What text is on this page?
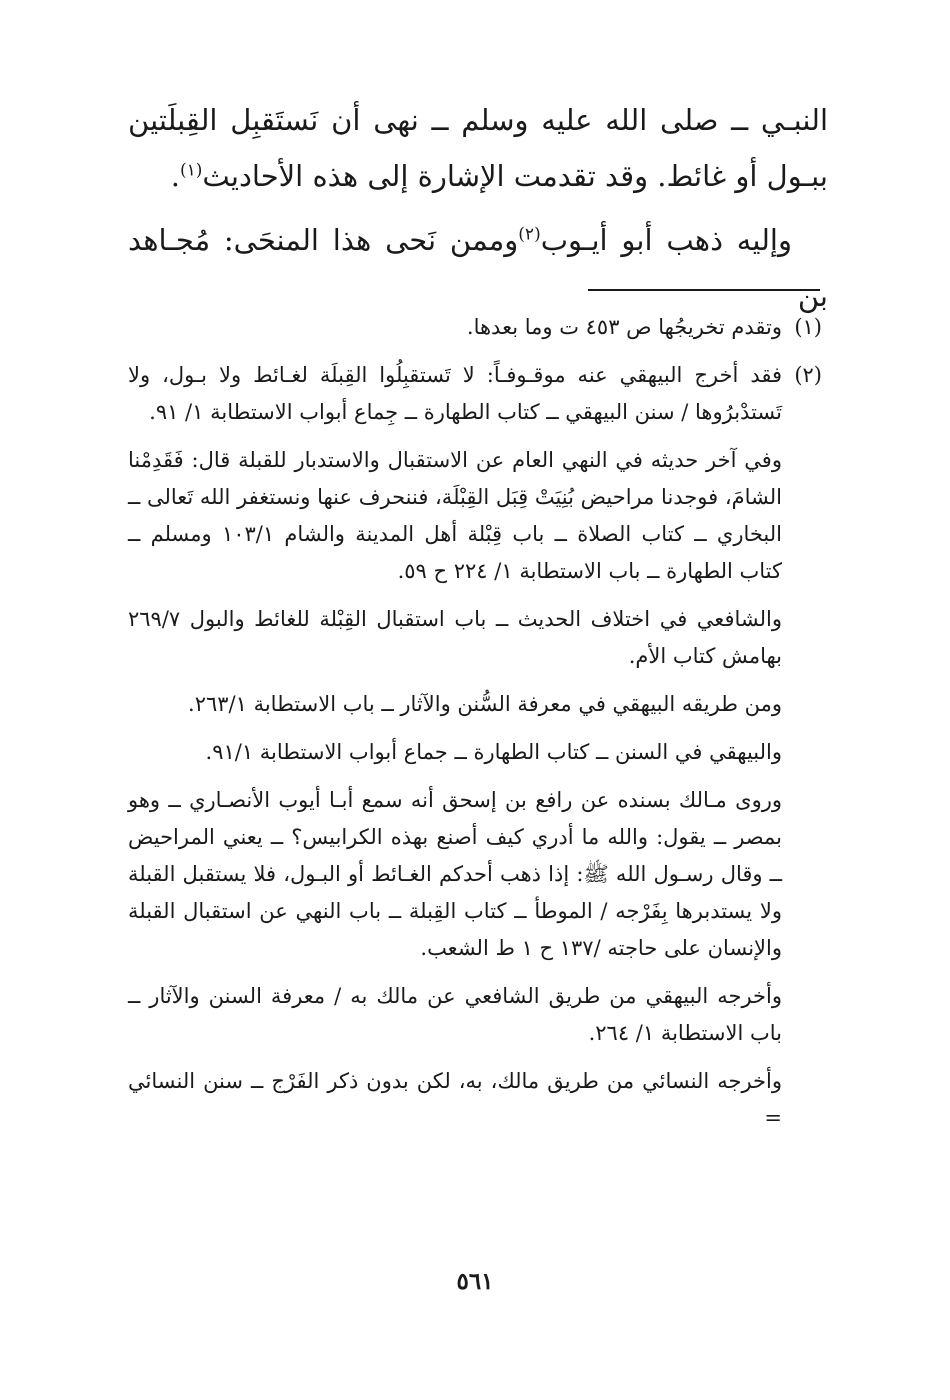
النبـي ــ صلى الله عليه وسلم ــ نهى أن نَستَقبِل القِبلَتين ببـول أو غائط. وقد تقدمت الإشارة إلى هذه الأحاديث$^{(١)}$.

وإليه ذهب أبو أيـوب$^{(٢)}$وممن نَحى هذا المنحَى: مُجـاهد بن

(١)
وتقدم تخريجُها ص ٤٥٣ ت وما بعدها.

(٢)
فقد أخرج البيهقي عنه موقـوفـاً: لا تَستقبِلُوا القِبلَة لغـائط ولا بـول، ولا تَستدْبرُوها / سنن البيهقي ــ كتاب الطهارة ــ جِماع أبواب الاستطابة ١/ ٩١.

وفي آخر حديثه في النهي العام عن الاستقبال والاستدبار للقبلة قال: فَقَدِمْنا الشامَ، فوجدنا مراحيض بُنِيَتْ قِبَل القِبْلَة، فننحرف عنها ونستغفر الله تَعالى ــ البخاري ــ كتاب الصلاة ــ باب قِبْلة أهل المدينة والشام ١٠٣/١ ومسلم ــ كتاب الطهارة ــ باب الاستطابة ١/ ٢٢٤ ح ٥٩.

والشافعي في اختلاف الحديث ــ باب استقبال القِبْلة للغائط والبول ٢٦٩/٧ بهامش كتاب الأم.

ومن طريقه البيهقي في معرفة السُّنن والآثار ــ باب الاستطابة ٢٦٣/١.

والبيهقي في السنن ــ كتاب الطهارة ــ جماع أبواب الاستطابة ٩١/١.

وروى مـالك بسنده عن رافع بن إسحق أنه سمع أبـا أيوب الأنصـاري ــ وهو بمصر ــ يقول: والله ما أدري كيف أصنع بهذه الكرابيس؟ ــ يعني المراحيض ــ وقال رسـول الله ﷺ: إذا ذهب أحدكم الغـائط أو البـول، فلا يستقبل القبلة ولا يستدبرها بِفَرْجه / الموطأ ــ كتاب القِبلة ــ باب النهي عن استقبال القبلة والإنسان على حاجته /١٣٧ ح ١ ط الشعب.

وأخرجه البيهقي من طريق الشافعي عن مالك به / معرفة السنن والآثار ــ باب الاستطابة ١/ ٢٦٤.

وأخرجه النسائي من طريق مالك، به، لكن بدون ذكر الفَرْج ــ سنن النسائي =

٥٦١
